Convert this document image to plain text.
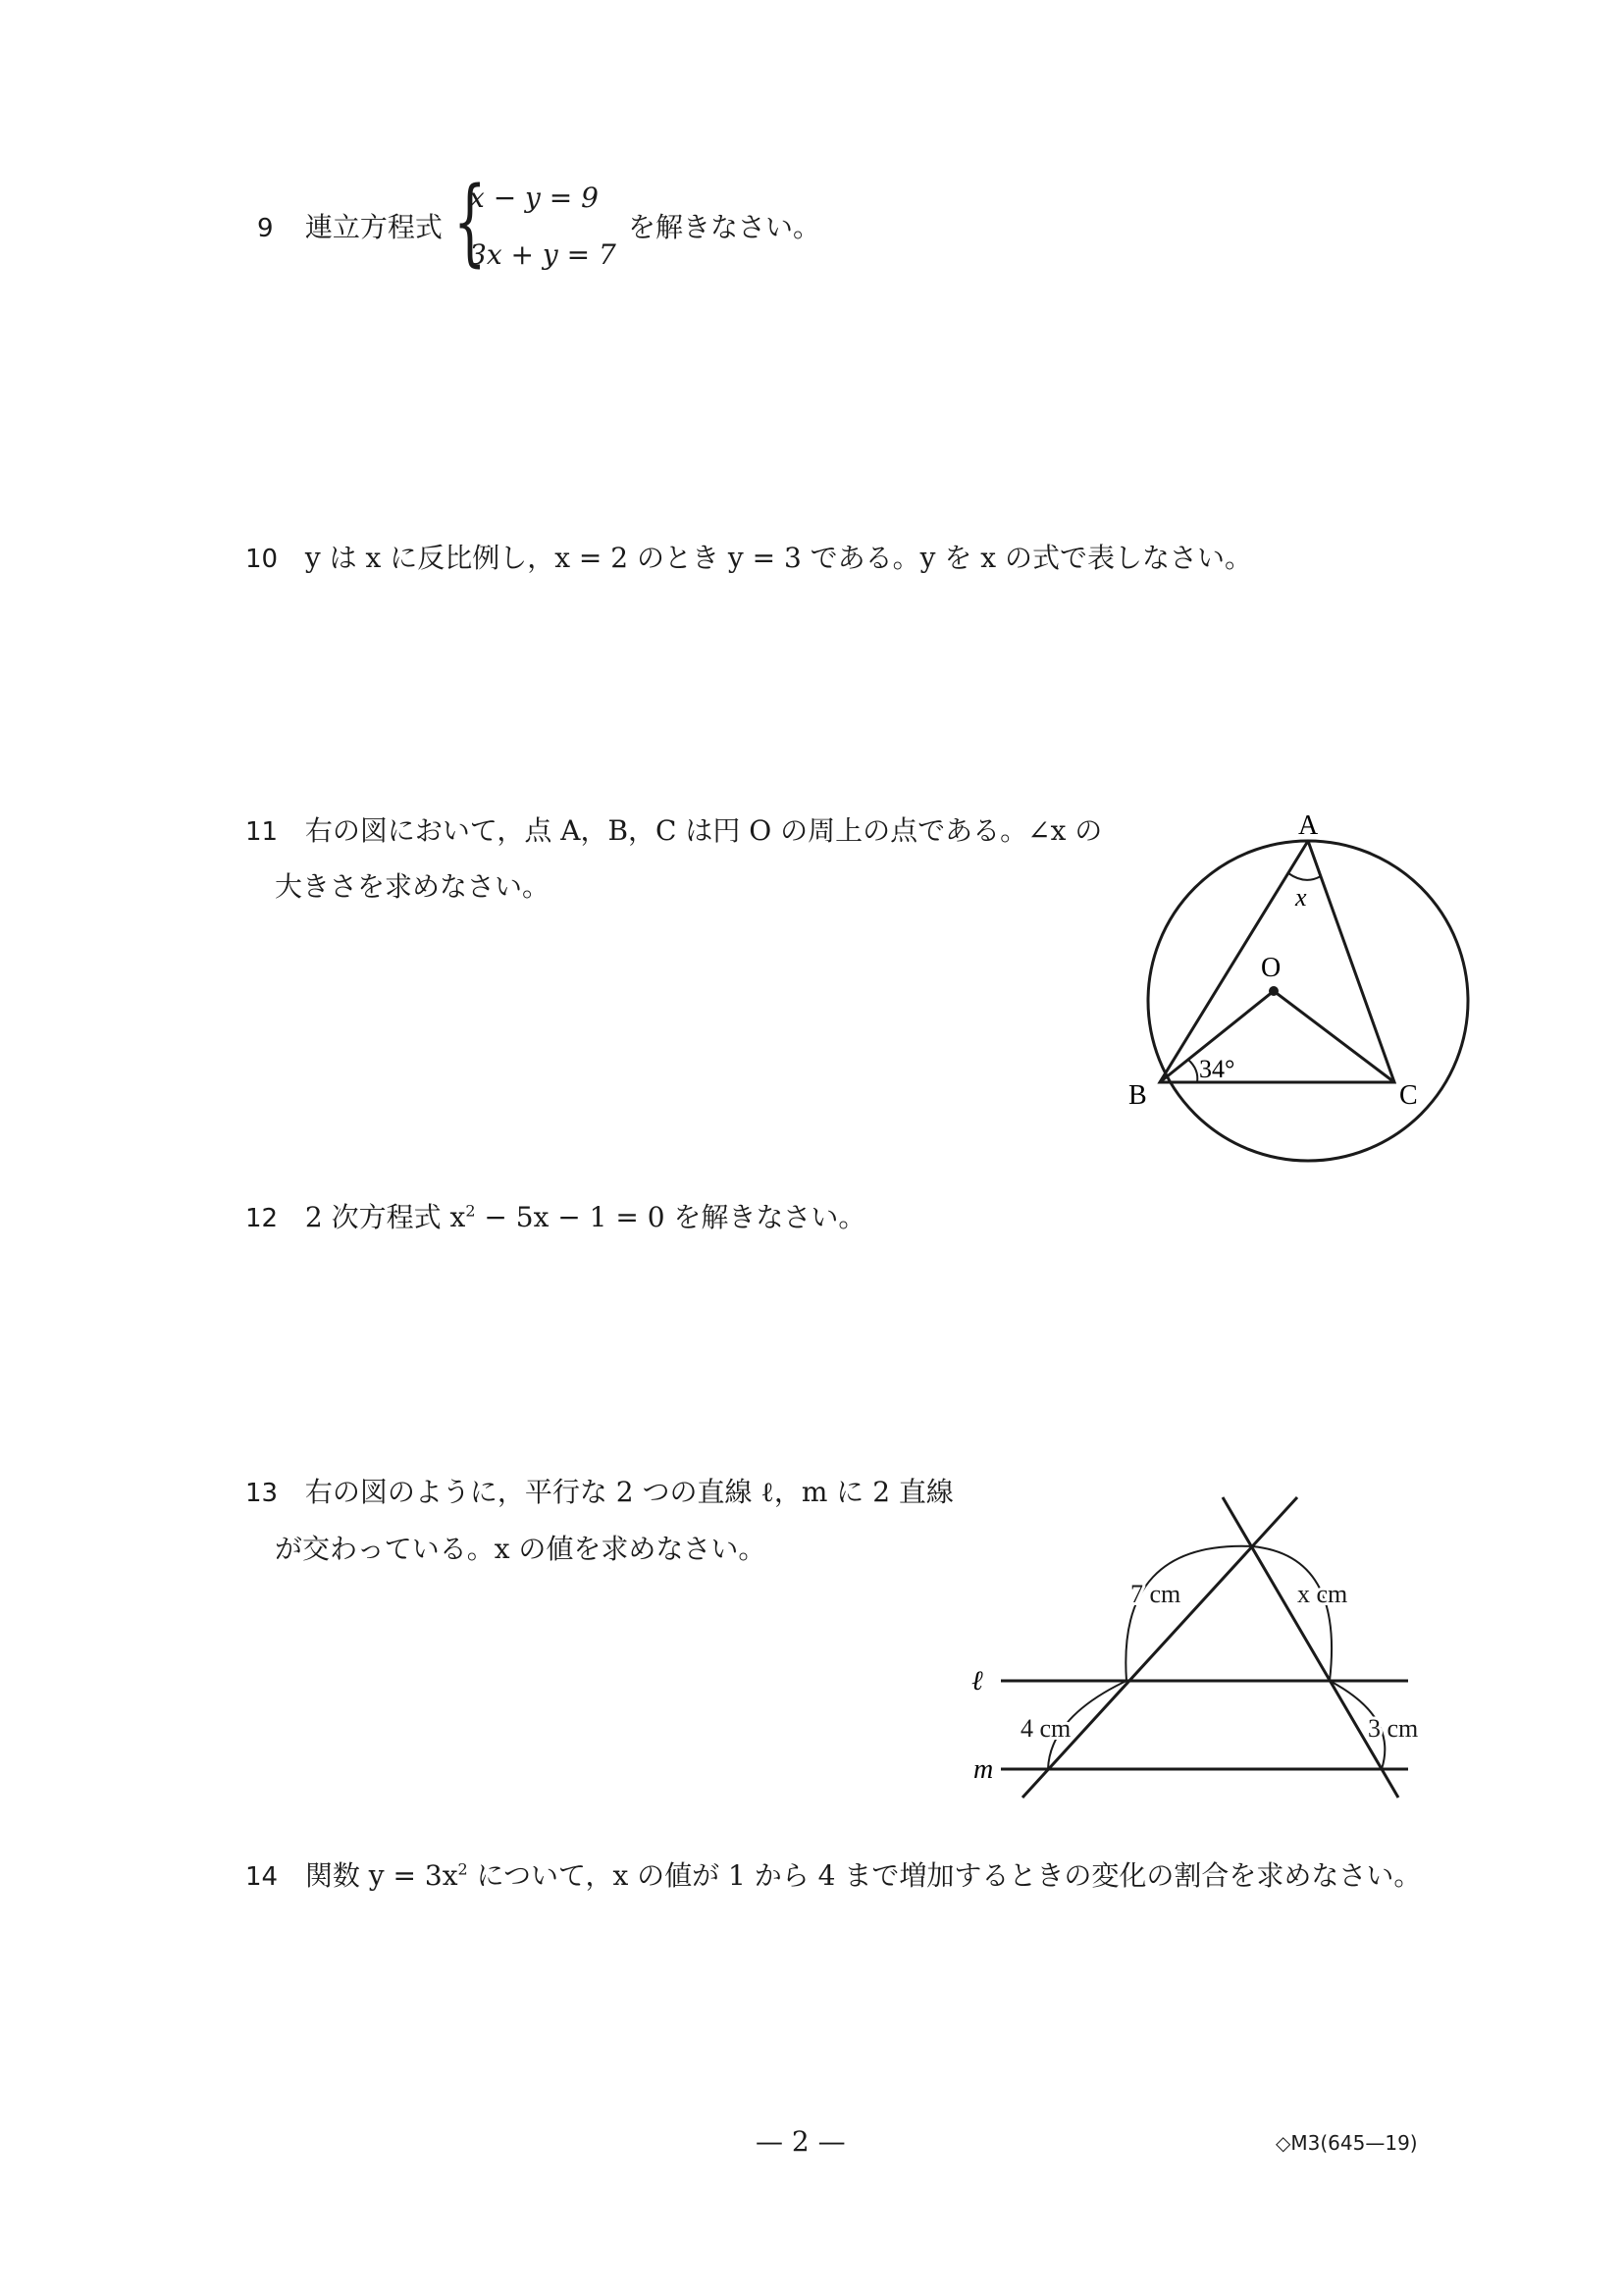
9 連立方程式 {
x − y = 9
3x + y = 7
を解きなさい。
10 y は x に反比例し，x = 2 のとき y = 3 である。y を x の式で表しなさい。
11 右の図において，点 A，B，C は円 O の周上の点である。∠x の
大きさを求めなさい。
A
O
B	C
x
34°
12 2 次方程式 $x^2 - 5x - 1 = 0$ を解きなさい。
13 右の図のように，平行な 2 つの直線 ℓ，m に 2 直線
が交わっている。x の値を求めなさい。
ℓ
m
7 cm	x cm
4 cm	3 cm
14 関数 $y = 3x^2$ について，x の値が 1 から 4 まで増加するときの変化の割合を求めなさい。
— 2 —	◇M3(645—19)
